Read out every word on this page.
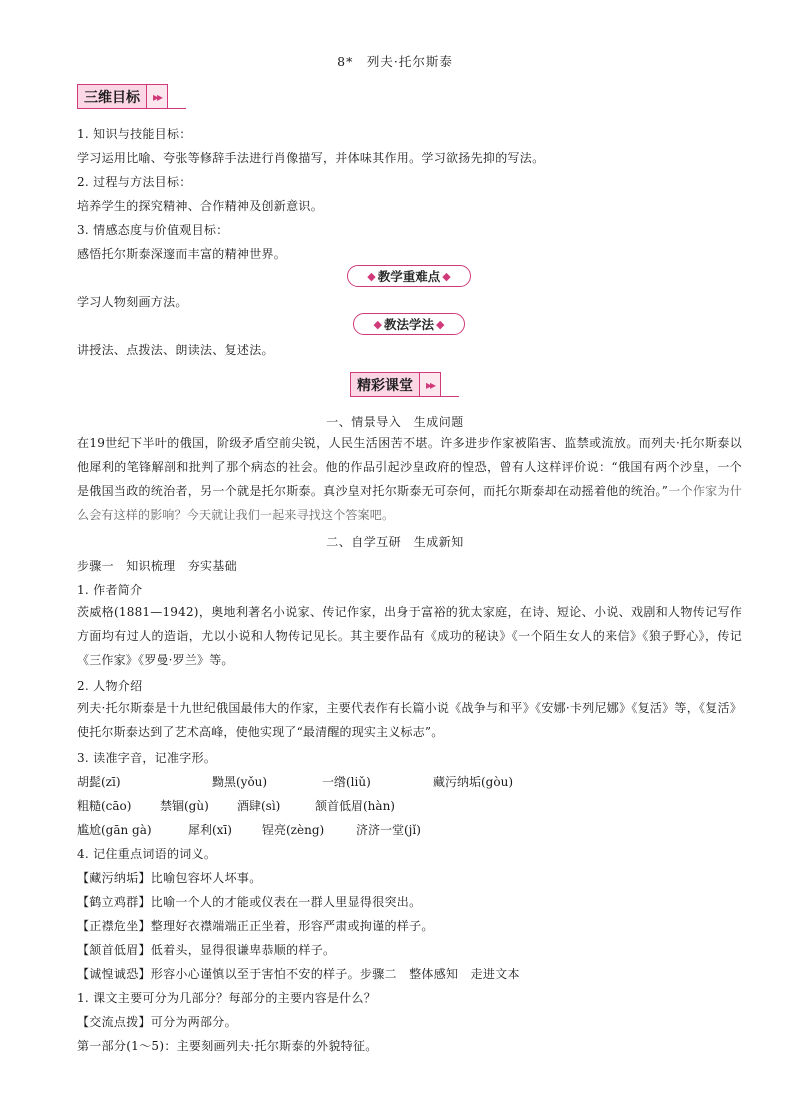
8*　列夫·托尔斯泰
三维目标	▸▸
1. 知识与技能目标：
学习运用比喻、夸张等修辞手法进行肖像描写，并体味其作用。学习欲扬先抑的写法。
2. 过程与方法目标：
培养学生的探究精神、合作精神及创新意识。
3. 情感态度与价值观目标：
感悟托尔斯泰深邃而丰富的精神世界。
◆ 教学重难点 ◆
学习人物刻画方法。
◆ 教法学法 ◆
讲授法、点拨法、朗读法、复述法。
精彩课堂	▸▸
一、情景导入　生成问题
在19世纪下半叶的俄国，阶级矛盾空前尖锐，人民生活困苦不堪。许多进步作家被陷害、监禁或流放。而列夫·托尔斯泰以他犀利的笔锋解剖和批判了那个病态的社会。他的作品引起沙皇政府的惶恐，曾有人这样评价说：“俄国有两个沙皇，一个是俄国当政的统治者，另一个就是托尔斯泰。真沙皇对托尔斯泰无可奈何，而托尔斯泰却在动摇着他的统治。”一个作家为什么会有这样的影响？今天就让我们一起来寻找这个答案吧。
二、自学互研　生成新知
步骤一　知识梳理　夯实基础
1. 作者简介
茨威格(1881—1942)，奥地利著名小说家、传记作家，出身于富裕的犹太家庭，在诗、短论、小说、戏剧和人物传记写作方面均有过人的造诣，尤以小说和人物传记见长。其主要作品有《成功的秘诀》《一个陌生女人的来信》《狼子野心》，传记《三作家》《罗曼·罗兰》等。
2. 人物介绍
列夫·托尔斯泰是十九世纪俄国最伟大的作家，主要代表作有长篇小说《战争与和平》《安娜·卡列尼娜》《复活》等，《复活》使托尔斯泰达到了艺术高峰，使他实现了“最清醒的现实主义标志”。
3. 读准字音，记准字形。
胡髭(zī)	黝黑(yǒu)	一绺(liǔ)	藏污纳垢(gòu)
粗糙(cāo) 禁锢(gù) 酒肆(sì)	颔首低眉(hàn)
尴尬(gān gà)	犀利(xī)	锃亮(zèng)	济济一堂(jǐ)
4. 记住重点词语的词义。
【藏污纳垢】比喻包容坏人坏事。
【鹤立鸡群】比喻一个人的才能或仪表在一群人里显得很突出。
【正襟危坐】整理好衣襟端端正正坐着，形容严肃或拘谨的样子。
【颔首低眉】低着头，显得很谦卑恭顺的样子。
【诚惶诚恐】形容小心谨慎以至于害怕不安的样子。步骤二　整体感知　走进文本
1. 课文主要可分为几部分？每部分的主要内容是什么？
【交流点拨】可分为两部分。
第一部分(1～5)：主要刻画列夫·托尔斯泰的外貌特征。
